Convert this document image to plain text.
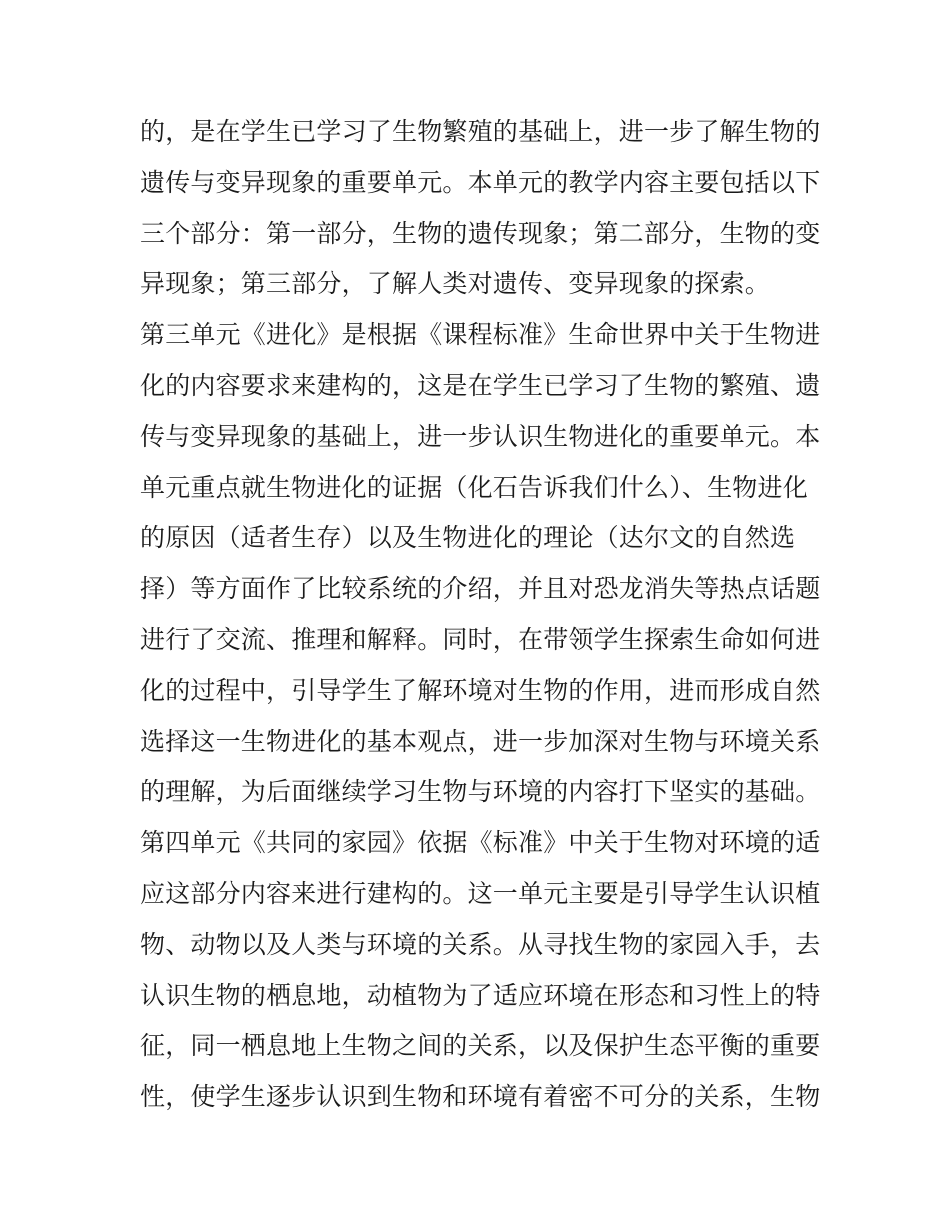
的，是在学生已学习了生物繁殖的基础上，进一步了解生物的
遗传与变异现象的重要单元。本单元的教学内容主要包括以下
三个部分：第一部分，生物的遗传现象；第二部分，生物的变
异现象；第三部分，了解人类对遗传、变异现象的探索。
第三单元《进化》是根据《课程标准》生命世界中关于生物进
化的内容要求来建构的，这是在学生已学习了生物的繁殖、遗
传与变异现象的基础上，进一步认识生物进化的重要单元。本
单元重点就生物进化的证据（化石告诉我们什么）、生物进化
的原因（适者生存）以及生物进化的理论（达尔文的自然选
择）等方面作了比较系统的介绍，并且对恐龙消失等热点话题
进行了交流、推理和解释。同时，在带领学生探索生命如何进
化的过程中，引导学生了解环境对生物的作用，进而形成自然
选择这一生物进化的基本观点，进一步加深对生物与环境关系
的理解，为后面继续学习生物与环境的内容打下坚实的基础。
第四单元《共同的家园》依据《标准》中关于生物对环境的适
应这部分内容来进行建构的。这一单元主要是引导学生认识植
物、动物以及人类与环境的关系。从寻找生物的家园入手，去
认识生物的栖息地，动植物为了适应环境在形态和习性上的特
征，同一栖息地上生物之间的关系，以及保护生态平衡的重要
性，使学生逐步认识到生物和环境有着密不可分的关系，生物
